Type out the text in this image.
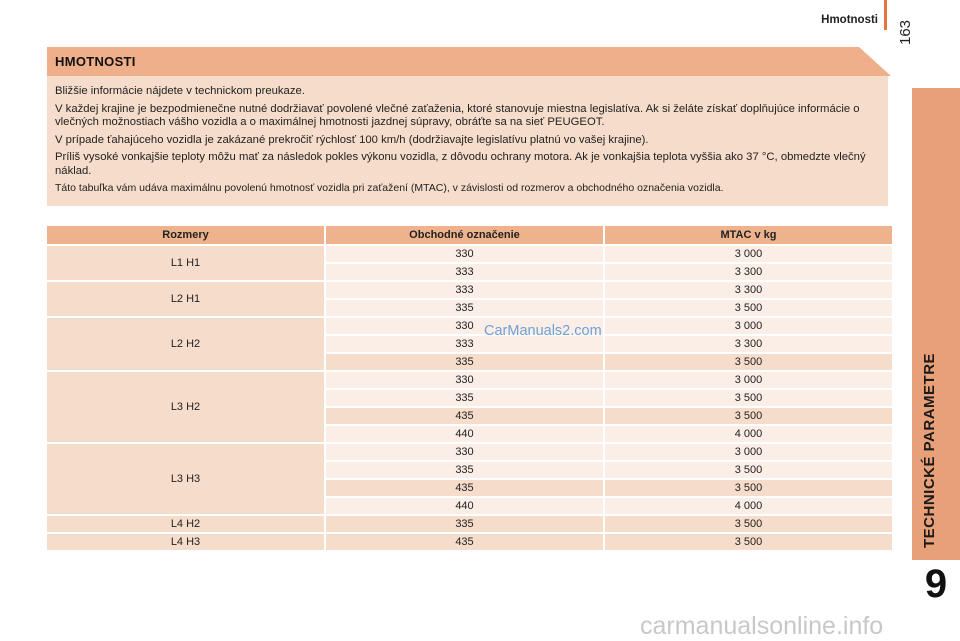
Hmotnosti 163
TECHNICKÉ PARAMETRE
9
HMOTNOSTI

Bližšie informácie nájdete v technickom preukaze.

V každej krajine je bezpodmienečne nutné dodržiavať povolené vlečné zaťaženia, ktoré stanovuje miestna legislatíva. Ak si želáte získať doplňujúce informácie o vlečných možnostiach vášho vozidla a o maximálnej hmotnosti jazdnej súpravy, obráťte sa na sieť PEUGEOT.

V prípade ťahajúceho vozidla je zakázané prekročiť rýchlosť 100 km/h (dodržiavajte legislatívu platnú vo vašej krajine).

Príliš vysoké vonkajšie teploty môžu mať za následok pokles výkonu vozidla, z dôvodu ochrany motora. Ak je vonkajšia teplota vyššia ako 37 °C, obmedzte vlečný náklad.

Táto tabuľka vám udáva maximálnu povolenú hmotnosť vozidla pri zaťažení (MTAC), v závislosti od rozmerov a obchodného označenia vozidla.

Rozmery	Obchodné označenie	MTAC v kg
L1 H1	330	3 000
	333	3 300
L2 H1	333	3 300
	335	3 500
L2 H2	330	3 000
	333	3 300
	335	3 500
L3 H2	330	3 000
	335	3 500
	435	3 500
	440	4 000
L3 H3	330	3 000
	335	3 500
	435	3 500
	440	4 000
L4 H2	335	3 500
L4 H3	435	3 500
CarManuals2.com
carmanualsonline.info
